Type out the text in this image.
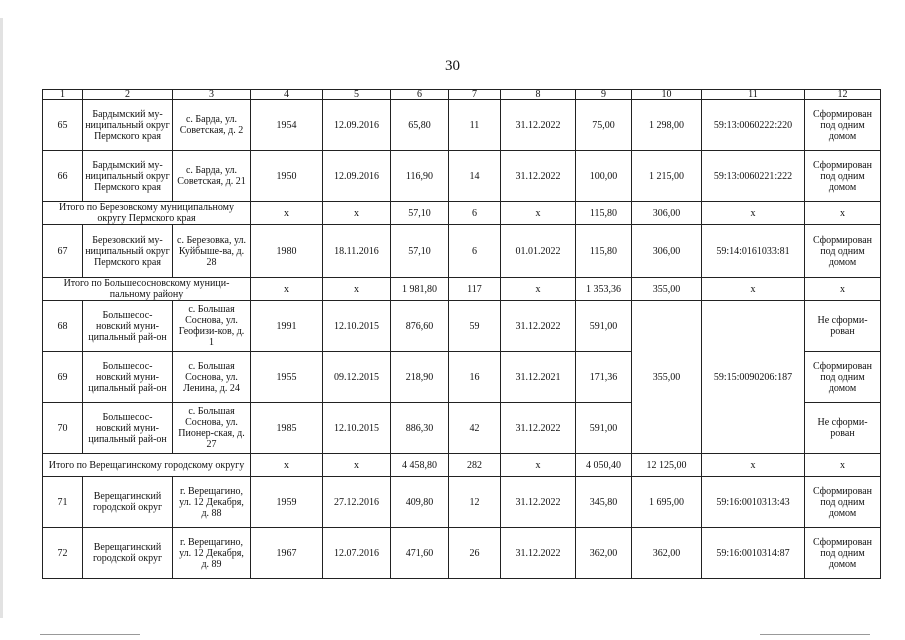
30
1	2	3	4	5	6	7	8	9	10	11	12
65	Бардымский му-ниципальный округ Пермского края	с. Барда, ул. Советская, д. 2	1954	12.09.2016	65,80	11	31.12.2022	75,00	1 298,00	59:13:0060222:220	Сформирован под одним домом
66	Бардымский му-ниципальный округ Пермского края	с. Барда, ул. Советская, д. 21	1950	12.09.2016	116,90	14	31.12.2022	100,00	1 215,00	59:13:0060221:222	Сформирован под одним домом
Итого по Березовскому муниципальному округу Пермского края			x	x	57,10	6	x	115,80	306,00	x	x
67	Березовский му-ниципальный округ Пермского края	с. Березовка, ул. Куйбыше-ва, д. 28	1980	18.11.2016	57,10	6	01.01.2022	115,80	306,00	59:14:0161033:81	Сформирован под одним домом
Итого по Большесосновскому муници-пальному району			x	x	1 981,80	117	x	1 353,36	355,00	x	x
68	Большесос-новский муни-ципальный рай-он	с. Большая Соснова, ул. Геофизи-ков, д. 1	1991	12.10.2015	876,60	59	31.12.2022	591,00	355,00	59:15:0090206:187	Не сформи-рован
69	Большесос-новский муни-ципальный рай-он	с. Большая Соснова, ул. Ленина, д. 24	1955	09.12.2015	218,90	16	31.12.2021	171,36			Сформирован под одним домом
70	Большесос-новский муни-ципальный рай-он	с. Большая Соснова, ул. Пионер-ская, д. 27	1985	12.10.2015	886,30	42	31.12.2022	591,00			Не сформи-рован
Итого по Верещагинскому городскому округу			x	x	4 458,80	282	x	4 050,40	12 125,00	x	x
71	Верещагинский городской округ	г. Верещагино, ул. 12 Декабря, д. 88	1959	27.12.2016	409,80	12	31.12.2022	345,80	1 695,00	59:16:0010313:43	Сформирован под одним домом
72	Верещагинский городской округ	г. Верещагино, ул. 12 Декабря, д. 89	1967	12.07.2016	471,60	26	31.12.2022	362,00	362,00	59:16:0010314:87	Сформирован под одним домом
